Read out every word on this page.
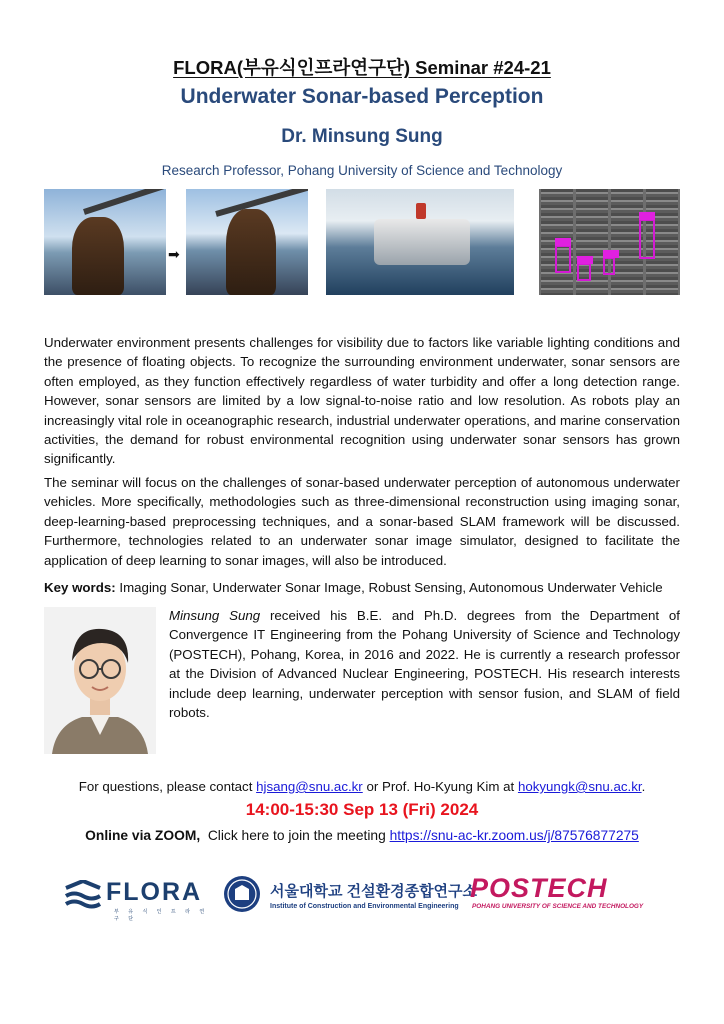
FLORA(부유식인프라연구단) Seminar #24-21
Underwater Sonar-based Perception
Dr. Minsung Sung
Research Professor, Pohang University of Science and Technology
➡
Underwater environment presents challenges for visibility due to factors like variable lighting conditions and the presence of floating objects. To recognize the surrounding environment underwater, sonar sensors are often employed, as they function effectively regardless of water turbidity and offer a long detection range. However, sonar sensors are limited by a low signal-to-noise ratio and low resolution. As robots play an increasingly vital role in oceanographic research, industrial underwater operations, and marine conservation activities, the demand for robust environmental recognition using underwater sonar sensors has grown significantly.
The seminar will focus on the challenges of sonar-based underwater perception of autonomous underwater vehicles. More specifically, methodologies such as three-dimensional reconstruction using imaging sonar, deep-learning-based preprocessing techniques, and a sonar-based SLAM framework will be discussed. Furthermore, technologies related to an underwater sonar image simulator, designed to facilitate the application of deep learning to sonar images, will also be introduced.
Key words: Imaging Sonar, Underwater Sonar Image, Robust Sensing, Autonomous Underwater Vehicle
Minsung Sung received his B.E. and Ph.D. degrees from the Department of Convergence IT Engineering from the Pohang University of Science and Technology (POSTECH), Pohang, Korea, in 2016 and 2022. He is currently a research professor at the Division of Advanced Nuclear Engineering, POSTECH. His research interests include deep learning, underwater perception with sensor fusion, and SLAM of field robots.
For questions, please contact hjsang@snu.ac.kr or Prof. Ho-Kyung Kim at hokyungk@snu.ac.kr.
14:00-15:30 Sep 13 (Fri) 2024
Online via ZOOM,  Click here to join the meeting https://snu-ac-kr.zoom.us/j/87576877275
FLORA
부 유 식 인 프 라 연 구 단
서울대학교 건설환경종합연구소
Institute of Construction and Environmental Engineering
POSTECH
POHANG UNIVERSITY OF SCIENCE AND TECHNOLOGY
